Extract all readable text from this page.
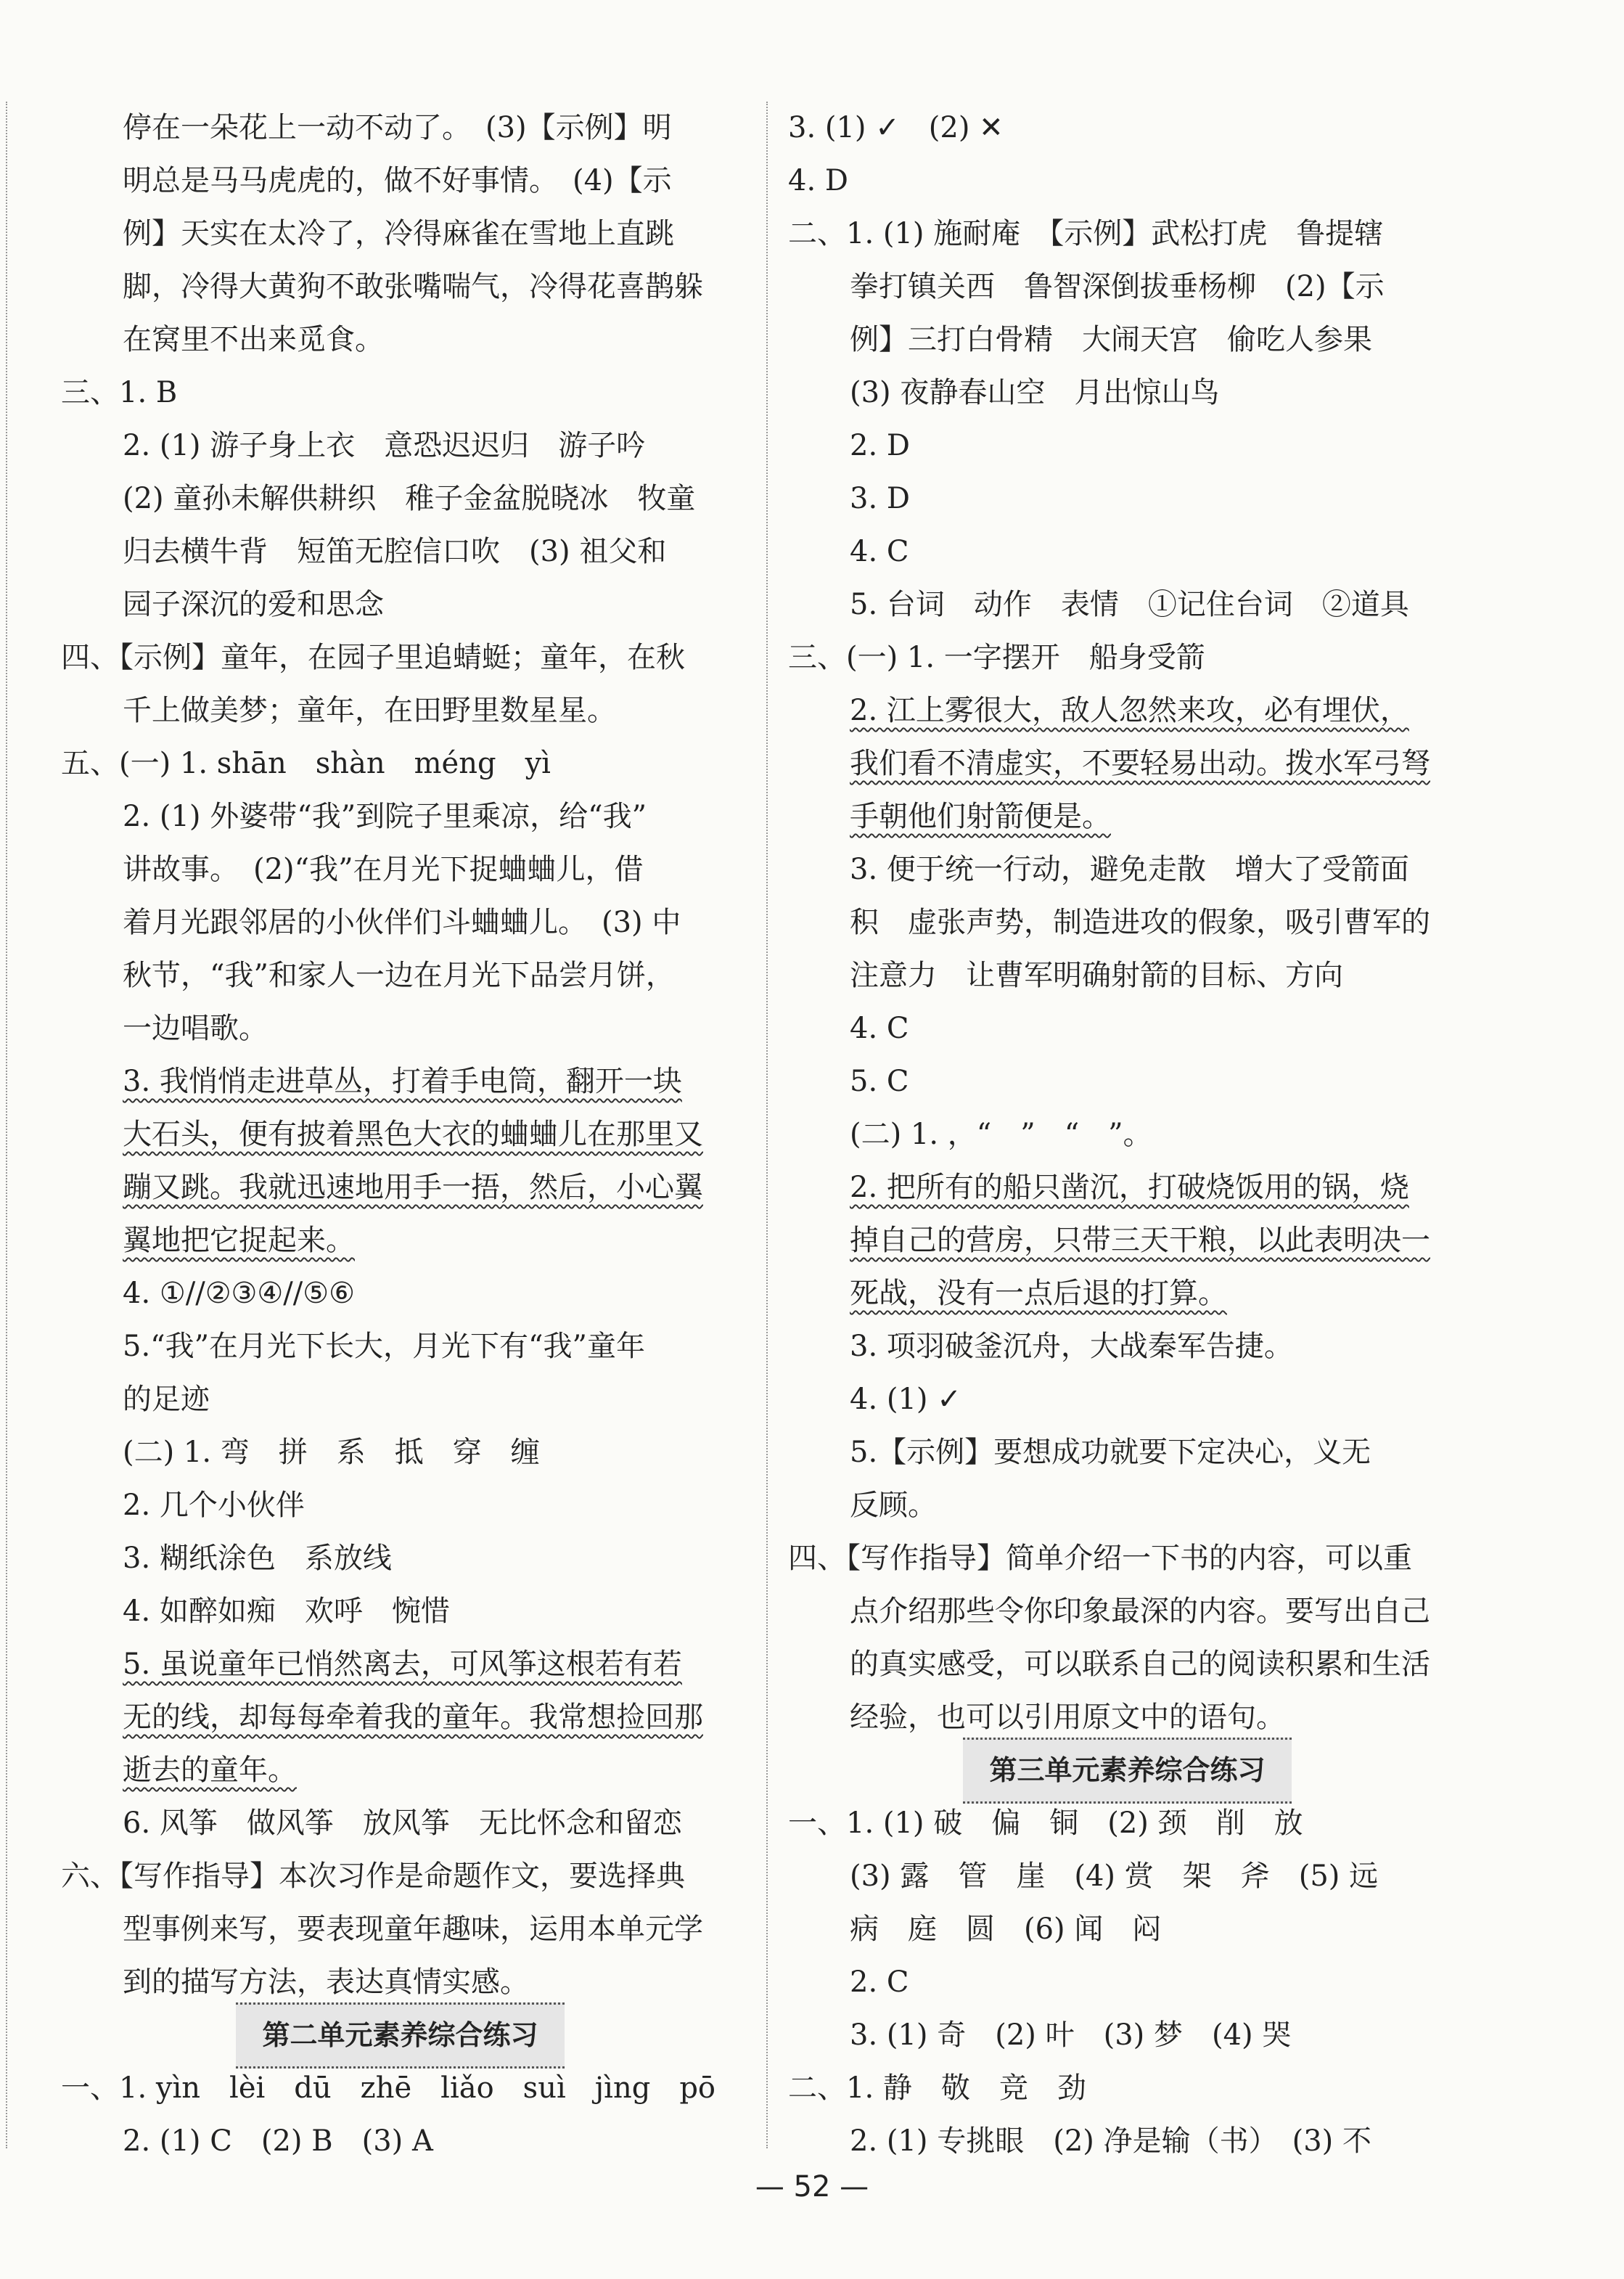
停在一朵花上一动不动了。　(3)【示例】明
明总是马马虎虎的，做不好事情。　(4)【示
例】天实在太冷了，冷得麻雀在雪地上直跳
脚，冷得大黄狗不敢张嘴喘气，冷得花喜鹊躲
在窝里不出来觅食。
三、1. B
2. (1) 游子身上衣　意恐迟迟归　游子吟
(2) 童孙未解供耕织　稚子金盆脱晓冰　牧童
归去横牛背　短笛无腔信口吹　(3) 祖父和
园子深沉的爱和思念
四、【示例】童年，在园子里追蜻蜓；童年，在秋
千上做美梦；童年，在田野里数星星。
五、(一) 1. shān　shàn　méng　yì
2. (1) 外婆带“我”到院子里乘凉，给“我”
讲故事。　(2)“我”在月光下捉蛐蛐儿，借
着月光跟邻居的小伙伴们斗蛐蛐儿。　(3) 中
秋节，“我”和家人一边在月光下品尝月饼，
一边唱歌。
3. 我悄悄走进草丛，打着手电筒，翻开一块
大石头，便有披着黑色大衣的蛐蛐儿在那里又
蹦又跳。我就迅速地用手一捂，然后，小心翼
翼地把它捉起来。
4. ①//②③④//⑤⑥
5.“我”在月光下长大，月光下有“我”童年
的足迹
(二) 1. 弯　拼　系　抵　穿　缠
2. 几个小伙伴
3. 糊纸涂色　系放线
4. 如醉如痴　欢呼　惋惜
5. 虽说童年已悄然离去，可风筝这根若有若
无的线，却每每牵着我的童年。我常想捡回那
逝去的童年。
6. 风筝　做风筝　放风筝　无比怀念和留恋
六、【写作指导】本次习作是命题作文，要选择典
型事例来写，要表现童年趣味，运用本单元学
到的描写方法，表达真情实感。
第二单元素养综合练习
一、1. yìn　lèi　dū　zhē　liǎo　suì　jìng　pō
2. (1) C　(2) B　(3) A
3. (1) ✓　(2) ✕
4. D
二、1. (1) 施耐庵　【示例】武松打虎　鲁提辖
拳打镇关西　鲁智深倒拔垂杨柳　(2)【示
例】三打白骨精　大闹天宫　偷吃人参果
(3) 夜静春山空　月出惊山鸟
2. D
3. D
4. C
5. 台词　动作　表情　①记住台词　②道具
三、(一) 1. 一字摆开　船身受箭
2. 江上雾很大，敌人忽然来攻，必有埋伏，
我们看不清虚实，不要轻易出动。拨水军弓弩
手朝他们射箭便是。
3. 便于统一行动，避免走散　增大了受箭面
积　虚张声势，制造进攻的假象，吸引曹军的
注意力　让曹军明确射箭的目标、方向
4. C
5. C
(二) 1. ，“　”　“　”。
2. 把所有的船只凿沉，打破烧饭用的锅，烧
掉自己的营房，只带三天干粮，以此表明决一
死战，没有一点后退的打算。
3. 项羽破釜沉舟，大战秦军告捷。
4. (1) ✓
5.【示例】要想成功就要下定决心，义无
反顾。
四、【写作指导】简单介绍一下书的内容，可以重
点介绍那些令你印象最深的内容。要写出自己
的真实感受，可以联系自己的阅读积累和生活
经验，也可以引用原文中的语句。
第三单元素养综合练习
一、1. (1) 破　偏　铜　(2) 颈　削　放
(3) 露　管　崖　(4) 赏　架　斧　(5) 远
病　庭　圆　(6) 闻　闷
2. C
3. (1) 奇　(2) 叶　(3) 梦　(4) 哭
二、1. 静　敬　竞　劲
2. (1) 专挑眼　(2) 净是输（书）　(3) 不
— 52 —
